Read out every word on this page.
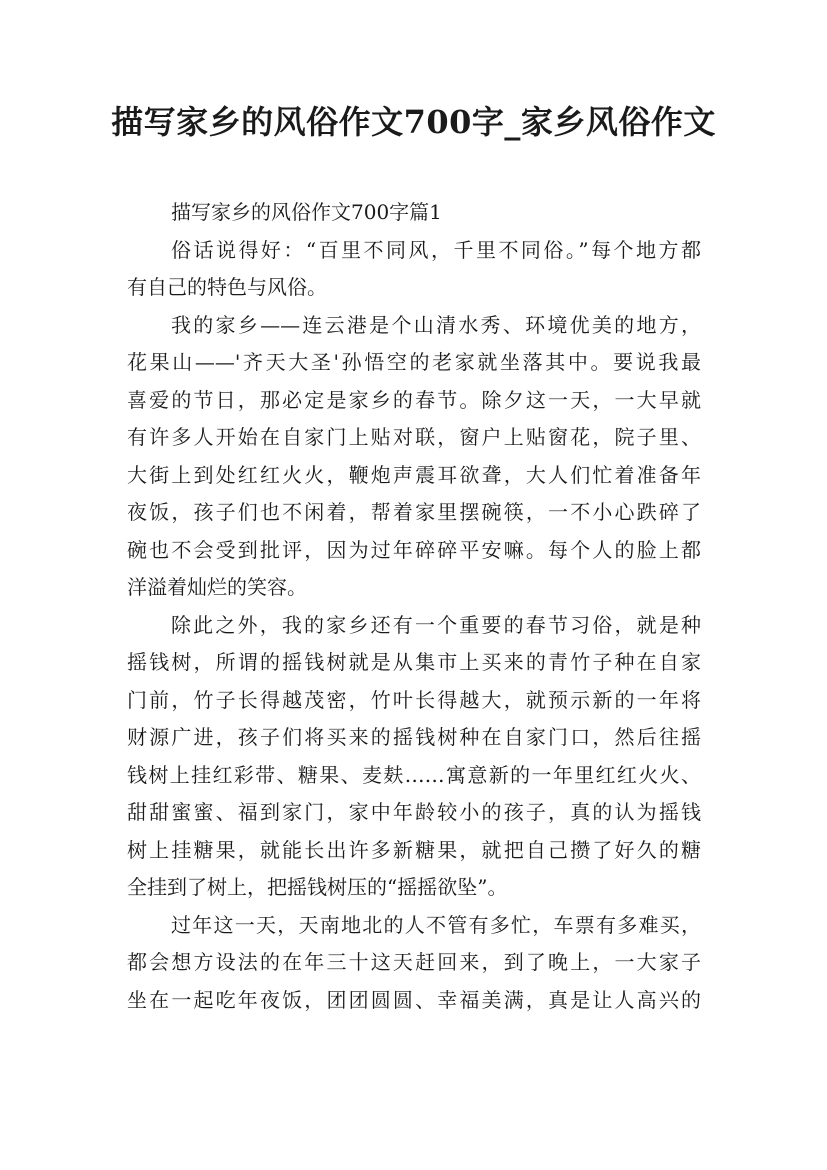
描写家乡的风俗作文700字_家乡风俗作文
描写家乡的风俗作文700字篇1
俗话说得好：“百里不同风，千里不同俗。”每个地方都
有自己的特色与风俗。
我的家乡——连云港是个山清水秀、环境优美的地方，
花果山——'齐天大圣'孙悟空的老家就坐落其中。要说我最
喜爱的节日，那必定是家乡的春节。除夕这一天，一大早就
有许多人开始在自家门上贴对联，窗户上贴窗花，院子里、
大街上到处红红火火，鞭炮声震耳欲聋，大人们忙着准备年
夜饭，孩子们也不闲着，帮着家里摆碗筷，一不小心跌碎了
碗也不会受到批评，因为过年碎碎平安嘛。每个人的脸上都
洋溢着灿烂的笑容。
除此之外，我的家乡还有一个重要的春节习俗，就是种
摇钱树，所谓的摇钱树就是从集市上买来的青竹子种在自家
门前，竹子长得越茂密，竹叶长得越大，就预示新的一年将
财源广进，孩子们将买来的摇钱树种在自家门口，然后往摇
钱树上挂红彩带、糖果、麦麸……寓意新的一年里红红火火、
甜甜蜜蜜、福到家门，家中年龄较小的孩子，真的认为摇钱
树上挂糖果，就能长出许多新糖果，就把自己攒了好久的糖
全挂到了树上，把摇钱树压的“摇摇欲坠”。
过年这一天，天南地北的人不管有多忙，车票有多难买，
都会想方设法的在年三十这天赶回来，到了晚上，一大家子
坐在一起吃年夜饭，团团圆圆、幸福美满，真是让人高兴的
